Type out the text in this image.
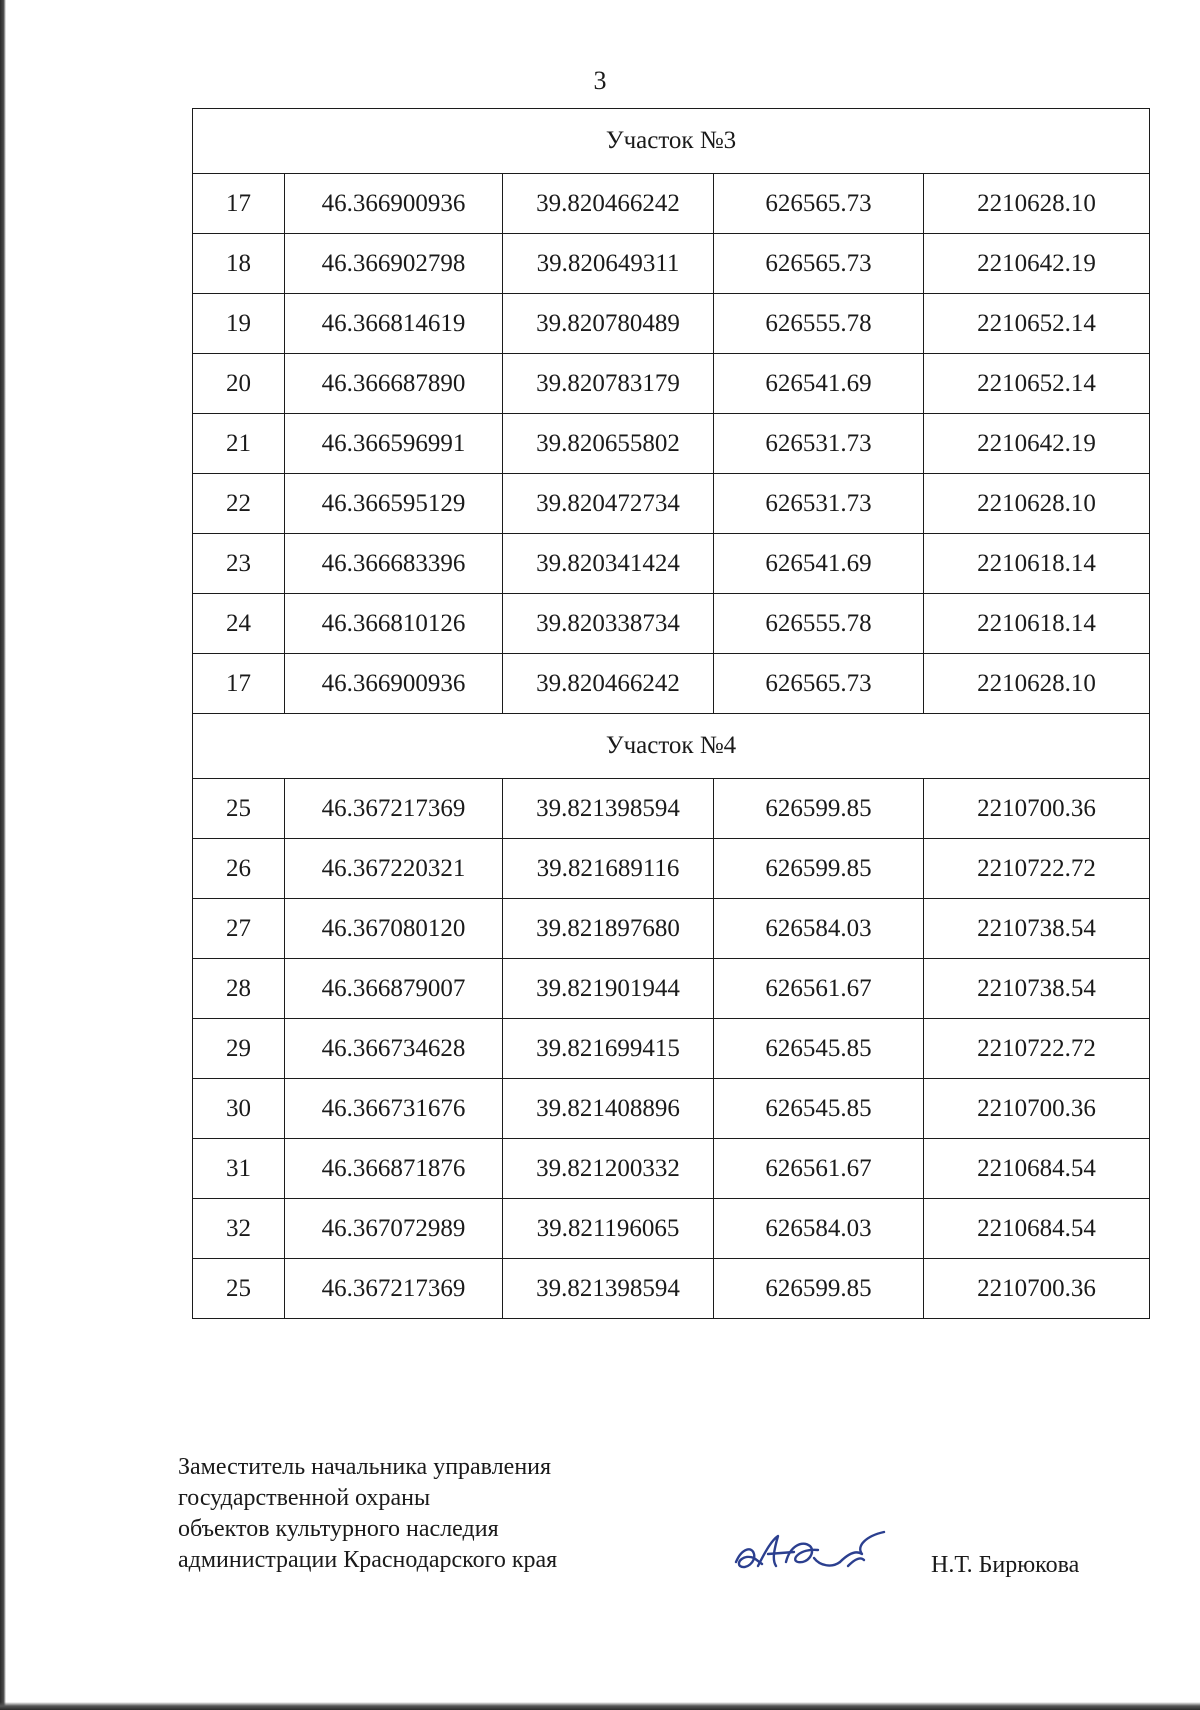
3
Участок №3				
17	46.366900936	39.820466242	626565.73	2210628.10
18	46.366902798	39.820649311	626565.73	2210642.19
19	46.366814619	39.820780489	626555.78	2210652.14
20	46.366687890	39.820783179	626541.69	2210652.14
21	46.366596991	39.820655802	626531.73	2210642.19
22	46.366595129	39.820472734	626531.73	2210628.10
23	46.366683396	39.820341424	626541.69	2210618.14
24	46.366810126	39.820338734	626555.78	2210618.14
17	46.366900936	39.820466242	626565.73	2210628.10
Участок №4				
25	46.367217369	39.821398594	626599.85	2210700.36
26	46.367220321	39.821689116	626599.85	2210722.72
27	46.367080120	39.821897680	626584.03	2210738.54
28	46.366879007	39.821901944	626561.67	2210738.54
29	46.366734628	39.821699415	626545.85	2210722.72
30	46.366731676	39.821408896	626545.85	2210700.36
31	46.366871876	39.821200332	626561.67	2210684.54
32	46.367072989	39.821196065	626584.03	2210684.54
25	46.367217369	39.821398594	626599.85	2210700.36
Заместитель начальника управления
государственной охраны
объектов культурного наследия
администрации Краснодарского края	Н.Т. Бирюкова
